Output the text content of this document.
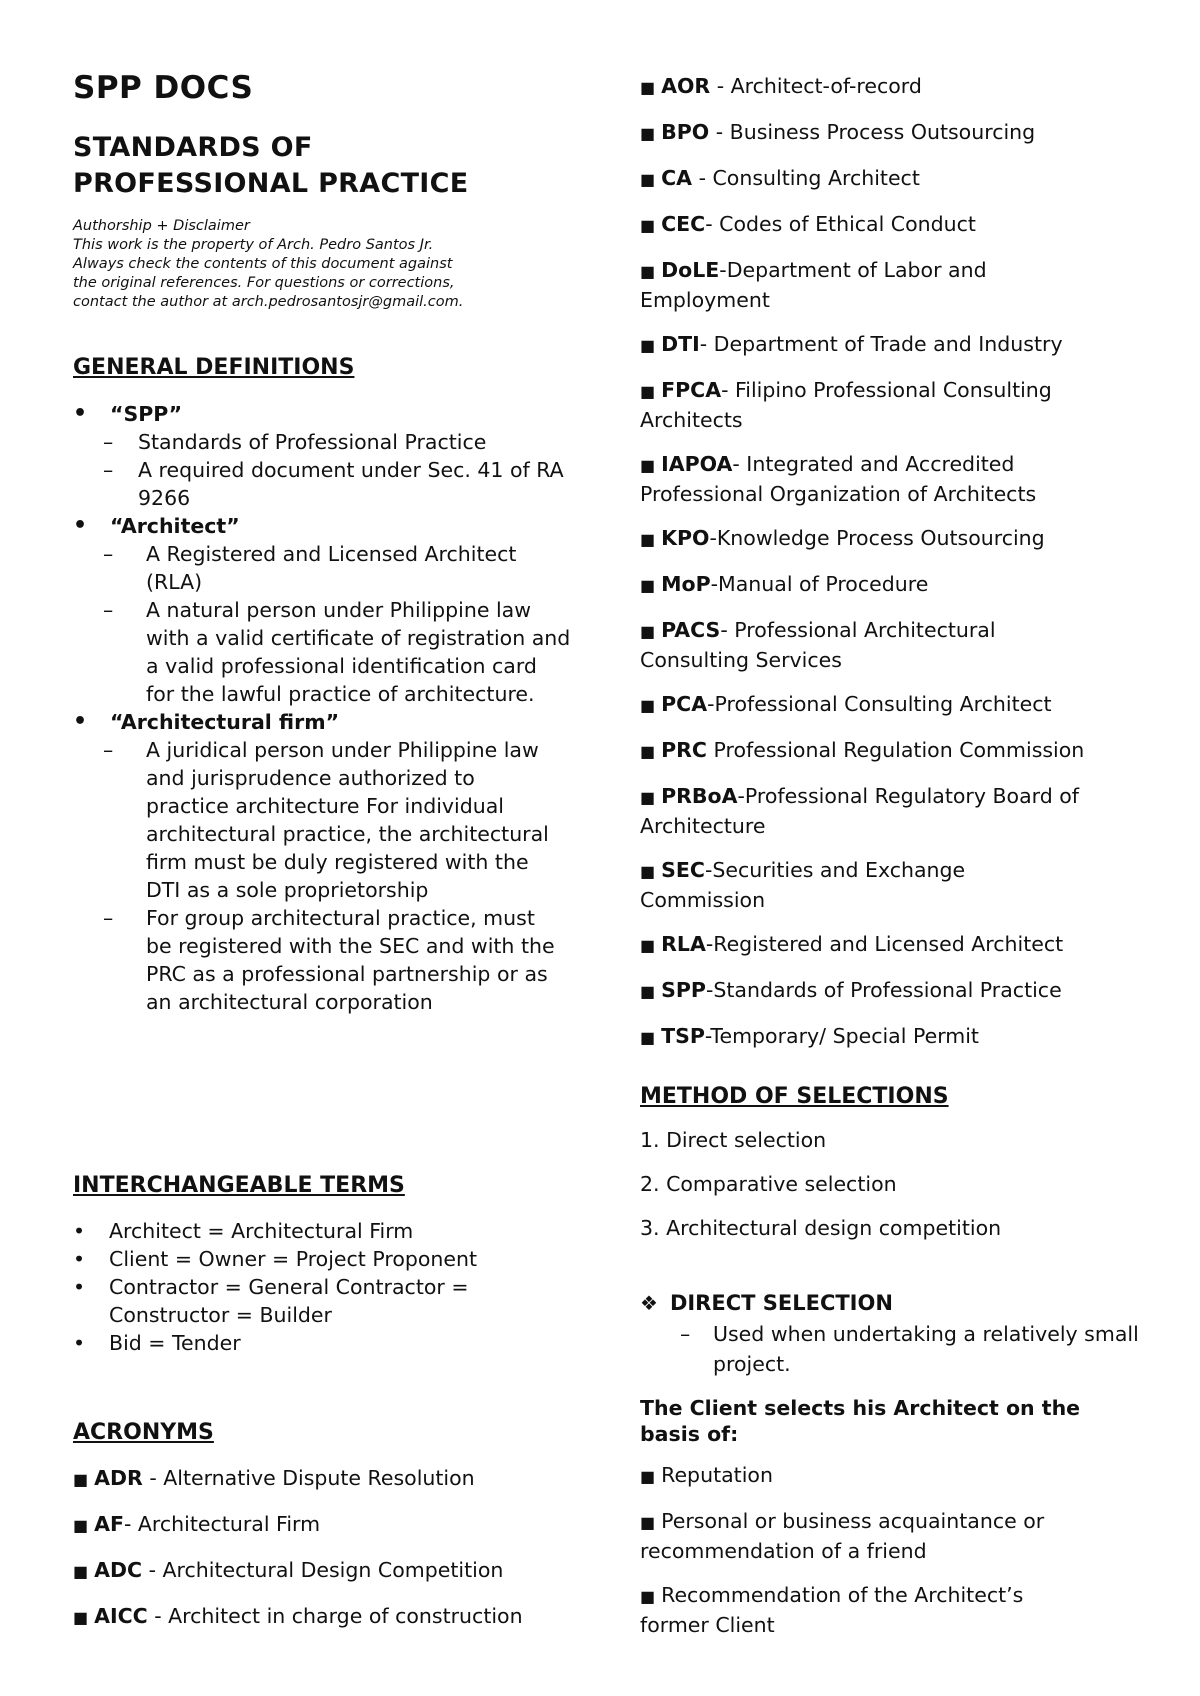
SPP DOCS
STANDARDS OF
PROFESSIONAL PRACTICE
Authorship + Disclaimer
This work is the property of Arch. Pedro Santos Jr.
Always check the contents of this document against
the original references. For questions or corrections,
contact the author at arch.pedrosantosjr@gmail.com.
GENERAL DEFINITIONS
• “SPP”
– Standards of Professional Practice
– A required document under Sec. 41 of RA 9266
• “Architect”
– A Registered and Licensed Architect (RLA)
– A natural person under Philippine law with a valid certificate of registration and a valid professional identification card for the lawful practice of architecture.
• “Architectural firm”
– A juridical person under Philippine law and jurisprudence authorized to practice architecture For individual architectural practice, the architectural firm must be duly registered with the DTI as a sole proprietorship
– For group architectural practice, must be registered with the SEC and with the PRC as a professional partnership or as an architectural corporation
INTERCHANGEABLE TERMS
• Architect = Architectural Firm
• Client = Owner = Project Proponent
• Contractor = General Contractor = Constructor = Builder
• Bid = Tender
ACRONYMS
■ ADR - Alternative Dispute Resolution
■ AF- Architectural Firm
■ ADC - Architectural Design Competition
■ AICC - Architect in charge of construction
■ AOR - Architect-of-record
■ BPO - Business Process Outsourcing
■ CA - Consulting Architect
■ CEC- Codes of Ethical Conduct
■ DoLE-Department of Labor and Employment
■ DTI- Department of Trade and Industry
■ FPCA- Filipino Professional Consulting Architects
■ IAPOA- Integrated and Accredited Professional Organization of Architects
■ KPO-Knowledge Process Outsourcing
■ MoP-Manual of Procedure
■ PACS- Professional Architectural Consulting Services
■ PCA-Professional Consulting Architect
■ PRC Professional Regulation Commission
■ PRBoA-Professional Regulatory Board of Architecture
■ SEC-Securities and Exchange Commission
■ RLA-Registered and Licensed Architect
■ SPP-Standards of Professional Practice
■ TSP-Temporary/ Special Permit
METHOD OF SELECTIONS
1. Direct selection
2. Comparative selection
3. Architectural design competition
❖ DIRECT SELECTION
– Used when undertaking a relatively small project.
The Client selects his Architect on the basis of:
■ Reputation
■ Personal or business acquaintance or recommendation of a friend
■ Recommendation of the Architect’s former Client
